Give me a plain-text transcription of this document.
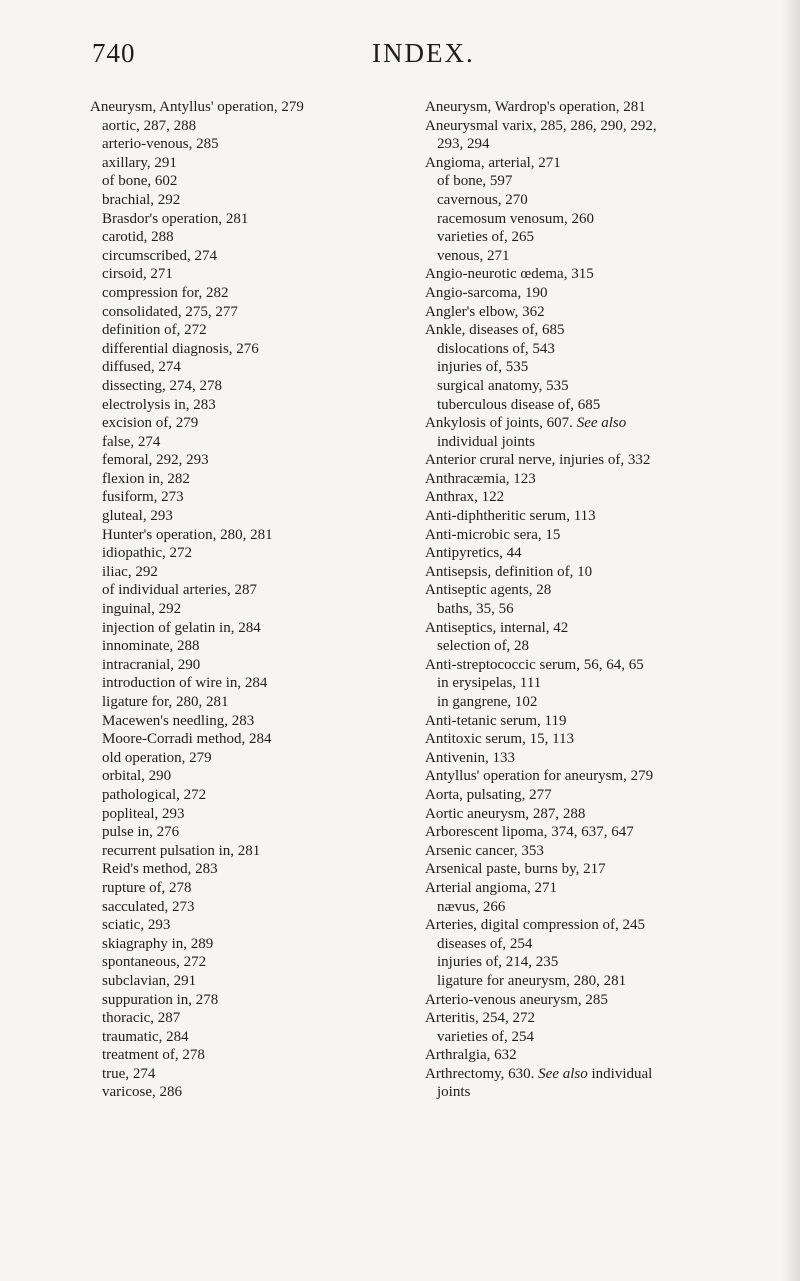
740	INDEX.
Aneurysm, Antyllus' operation, 279
aortic, 287, 288
arterio-venous, 285
axillary, 291
of bone, 602
brachial, 292
Brasdor's operation, 281
carotid, 288
circumscribed, 274
cirsoid, 271
compression for, 282
consolidated, 275, 277
definition of, 272
differential diagnosis, 276
diffused, 274
dissecting, 274, 278
electrolysis in, 283
excision of, 279
false, 274
femoral, 292, 293
flexion in, 282
fusiform, 273
gluteal, 293
Hunter's operation, 280, 281
idiopathic, 272
iliac, 292
of individual arteries, 287
inguinal, 292
injection of gelatin in, 284
innominate, 288
intracranial, 290
introduction of wire in, 284
ligature for, 280, 281
Macewen's needling, 283
Moore-Corradi method, 284
old operation, 279
orbital, 290
pathological, 272
popliteal, 293
pulse in, 276
recurrent pulsation in, 281
Reid's method, 283
rupture of, 278
sacculated, 273
sciatic, 293
skiagraphy in, 289
spontaneous, 272
subclavian, 291
suppuration in, 278
thoracic, 287
traumatic, 284
treatment of, 278
true, 274
varicose, 286
Aneurysm, Wardrop's operation, 281
Aneurysmal varix, 285, 286, 290, 292,
293, 294
Angioma, arterial, 271
of bone, 597
cavernous, 270
racemosum venosum, 260
varieties of, 265
venous, 271
Angio-neurotic œdema, 315
Angio-sarcoma, 190
Angler's elbow, 362
Ankle, diseases of, 685
dislocations of, 543
injuries of, 535
surgical anatomy, 535
tuberculous disease of, 685
Ankylosis of joints, 607. See also
individual joints
Anterior crural nerve, injuries of, 332
Anthracæmia, 123
Anthrax, 122
Anti-diphtheritic serum, 113
Anti-microbic sera, 15
Antipyretics, 44
Antisepsis, definition of, 10
Antiseptic agents, 28
baths, 35, 56
Antiseptics, internal, 42
selection of, 28
Anti-streptococcic serum, 56, 64, 65
in erysipelas, 111
in gangrene, 102
Anti-tetanic serum, 119
Antitoxic serum, 15, 113
Antivenin, 133
Antyllus' operation for aneurysm, 279
Aorta, pulsating, 277
Aortic aneurysm, 287, 288
Arborescent lipoma, 374, 637, 647
Arsenic cancer, 353
Arsenical paste, burns by, 217
Arterial angioma, 271
nævus, 266
Arteries, digital compression of, 245
diseases of, 254
injuries of, 214, 235
ligature for aneurysm, 280, 281
Arterio-venous aneurysm, 285
Arteritis, 254, 272
varieties of, 254
Arthralgia, 632
Arthrectomy, 630. See also individual
joints
